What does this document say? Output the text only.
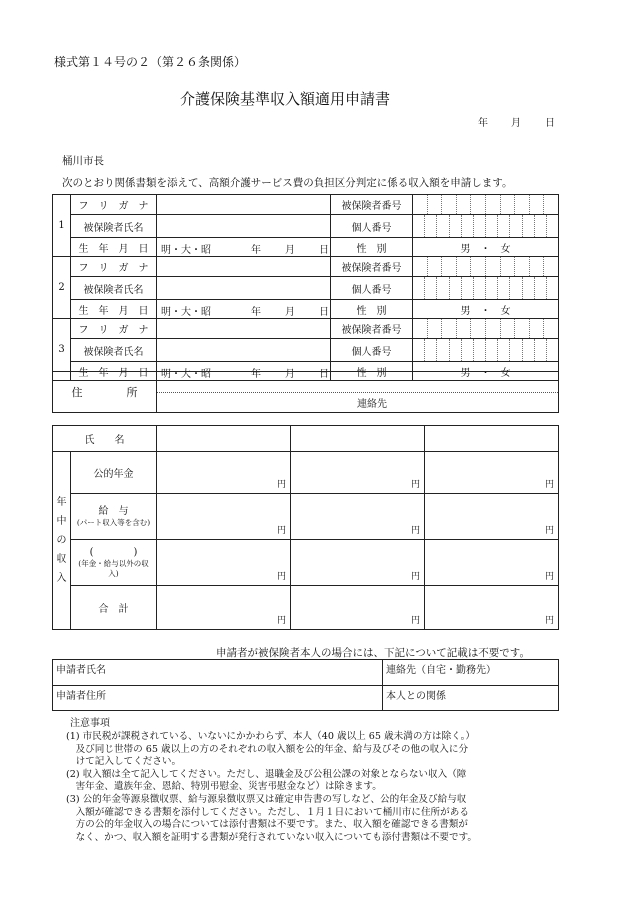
様式第１４号の２（第２６条関係）
介護保険基準収入額適用申請書
年 月 日
桶川市長
次のとおり関係書類を添えて、高額介護サービス費の負担区分判定に係る収入額を申請します。
1	フ　リ　ガ　ナ		被保険者番号	

	被保険者氏名		個人番号	

	生　年　月　日	明・大・昭 年 月 日	性　別	男　・　女
2	フ　リ　ガ　ナ		被保険者番号	

	被保険者氏名		個人番号	

	生　年　月　日	明・大・昭 年 月 日	性　別	男　・　女
3	フ　リ　ガ　ナ		被保険者番号	

	被保険者氏名		個人番号	

	生　年　月　日	明・大・昭 年 月 日	性　別	男　・　女
住　　　　所	
連絡先
氏　　名				

年
中
の
収
入	公的年金	円	円	円

	給　与
(パート収入等を含む)	円	円	円

	(　　　　)
(年金・給与以外の収入)	円	円	円

	合　計	円	円	円
申請者が被保険者本人の場合には、下記について記載は不要です。
申請者氏名	連絡先（自宅・勤務先）
申請者住所	本人との関係
注意事項
(1) 市民税が課税されている、いないにかかわらず、本人（40 歳以上 65 歳未満の方は除く。）
　及び同じ世帯の 65 歳以上の方のそれぞれの収入額を公的年金、給与及びその他の収入に分
　けて記入してください。
(2) 収入額は全て記入してください。ただし、退職金及び公租公課の対象とならない収入（障
　害年金、遺族年金、恩給、特別弔慰金、災害弔慰金など）は除きます。
(3) 公的年金等源泉徴収票、給与源泉徴収票又は確定申告書の写しなど、公的年金及び給与収
　入額が確認できる書類を添付してください。ただし、１月１日において桶川市に住所がある
　方の公的年金収入の場合については添付書類は不要です。また、収入額を確認できる書類が
　なく、かつ、収入額を証明する書類が発行されていない収入についても添付書類は不要です。
